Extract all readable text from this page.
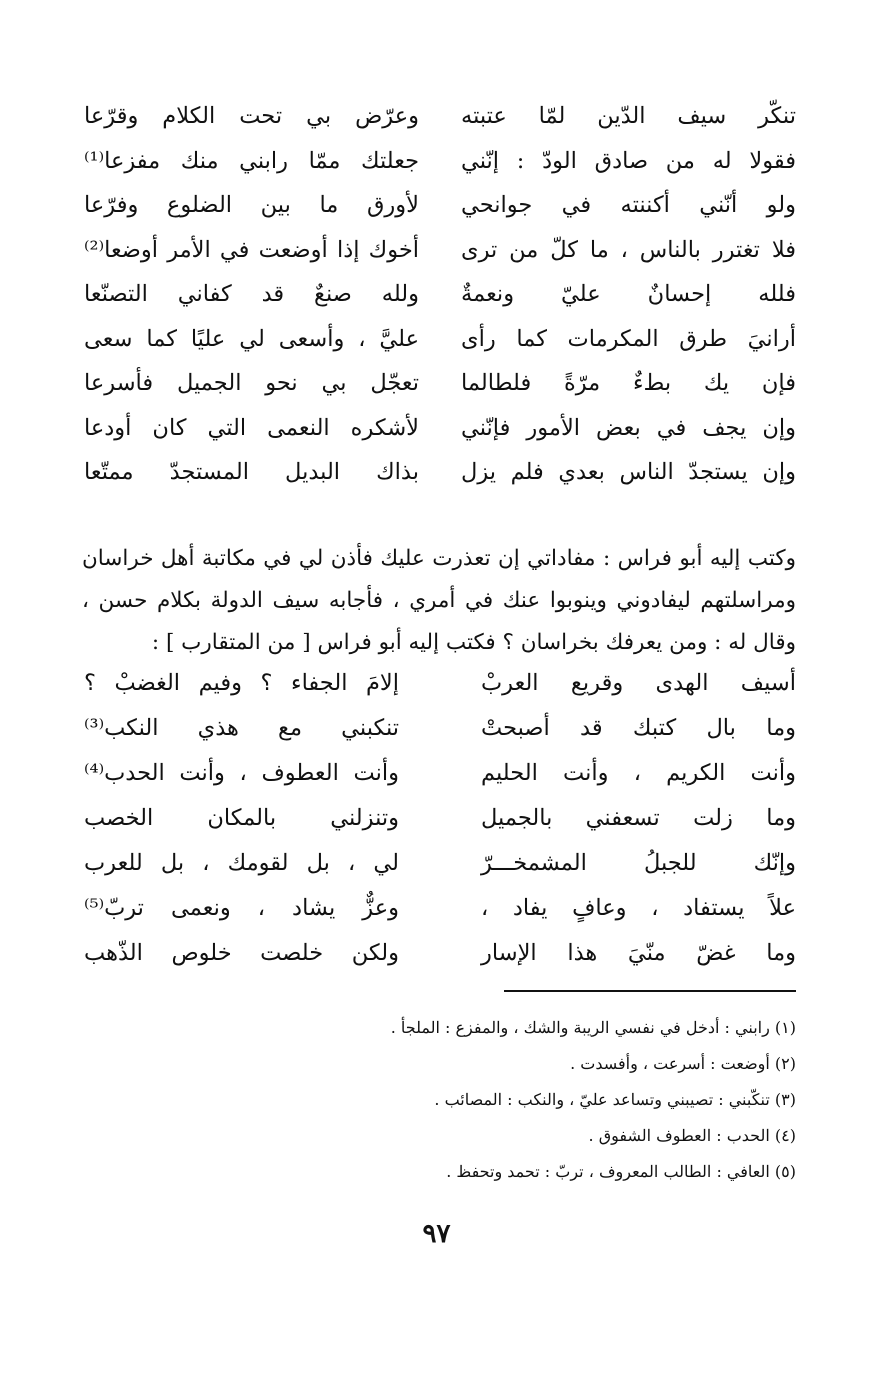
تنكّر سيف الدّين لمّا عتبته
وعرّض بي تحت الكلام وقرّعا
فقولا له من صادق الودّ : إنّني
جعلتك ممّا رابني منك مفزعا⁽¹⁾
ولو أنّني أكننته في جوانحي
لأورق ما بين الضلوع وفرّعا
فلا تغترر بالناس ، ما كلّ من ترى
أخوك إذا أوضعت في الأمر أوضعا⁽²⁾
فلله إحسانٌ عليّ ونعمةٌ
ولله صنعٌ قد كفاني التصنّعا
أرانيَ طرق المكرمات كما رأى
عليَّ ، وأسعى لي عليًا كما سعى
فإن يك بطءٌ مرّةً فلطالما
تعجّل بي نحو الجميل فأسرعا
وإن يجف في بعض الأمور فإنّني
لأشكره النعمى التي كان أودعا
وإن يستجدّ الناس بعدي فلم يزل
بذاك البديل المستجدّ ممتّعا

وكتب إليه أبو فراس : مفاداتي إن تعذرت عليك فأذن لي في مكاتبة أهل خراسان ومراسلتهم ليفادوني وينوبوا عنك في أمري ، فأجابه سيف الدولة بكلام حسن ، وقال له : ومن يعرفك بخراسان ؟ فكتب إليه أبو فراس [ من المتقارب ] :

أسيف الهدى وقريع العربْ
إلامَ الجفاء ؟ وفيم الغضبْ ؟
وما بال كتبك قد أصبحتْ
تنكبني مع هذي النكب⁽³⁾
وأنت الكريم ، وأنت الحليم
وأنت العطوف ، وأنت الحدب⁽⁴⁾
وما زلت تسعفني بالجميل
وتنزلني بالمكان الخصب
وإنّك للجبلُ المشمخـــرّ
لي ، بل لقومك ، بل للعرب
علاً يستفاد ، وعافٍ يفاد ،
وعزٌّ يشاد ، ونعمى تربّ⁽⁵⁾
وما غضّ منّيَ هذا الإسار
ولكن خلصت خلوص الذّهب
(١) رابني : أدخل في نفسي الريبة والشك ، والمفزع : الملجأ .
(٢) أوضعت : أسرعت ، وأفسدت .
(٣) تنكّبني : تصيبني وتساعد عليّ ، والنكب : المصائب .
(٤) الحدب : العطوف الشفوق .
(٥) العافي : الطالب المعروف ، تربّ : تحمد وتحفظ .
٩٧
